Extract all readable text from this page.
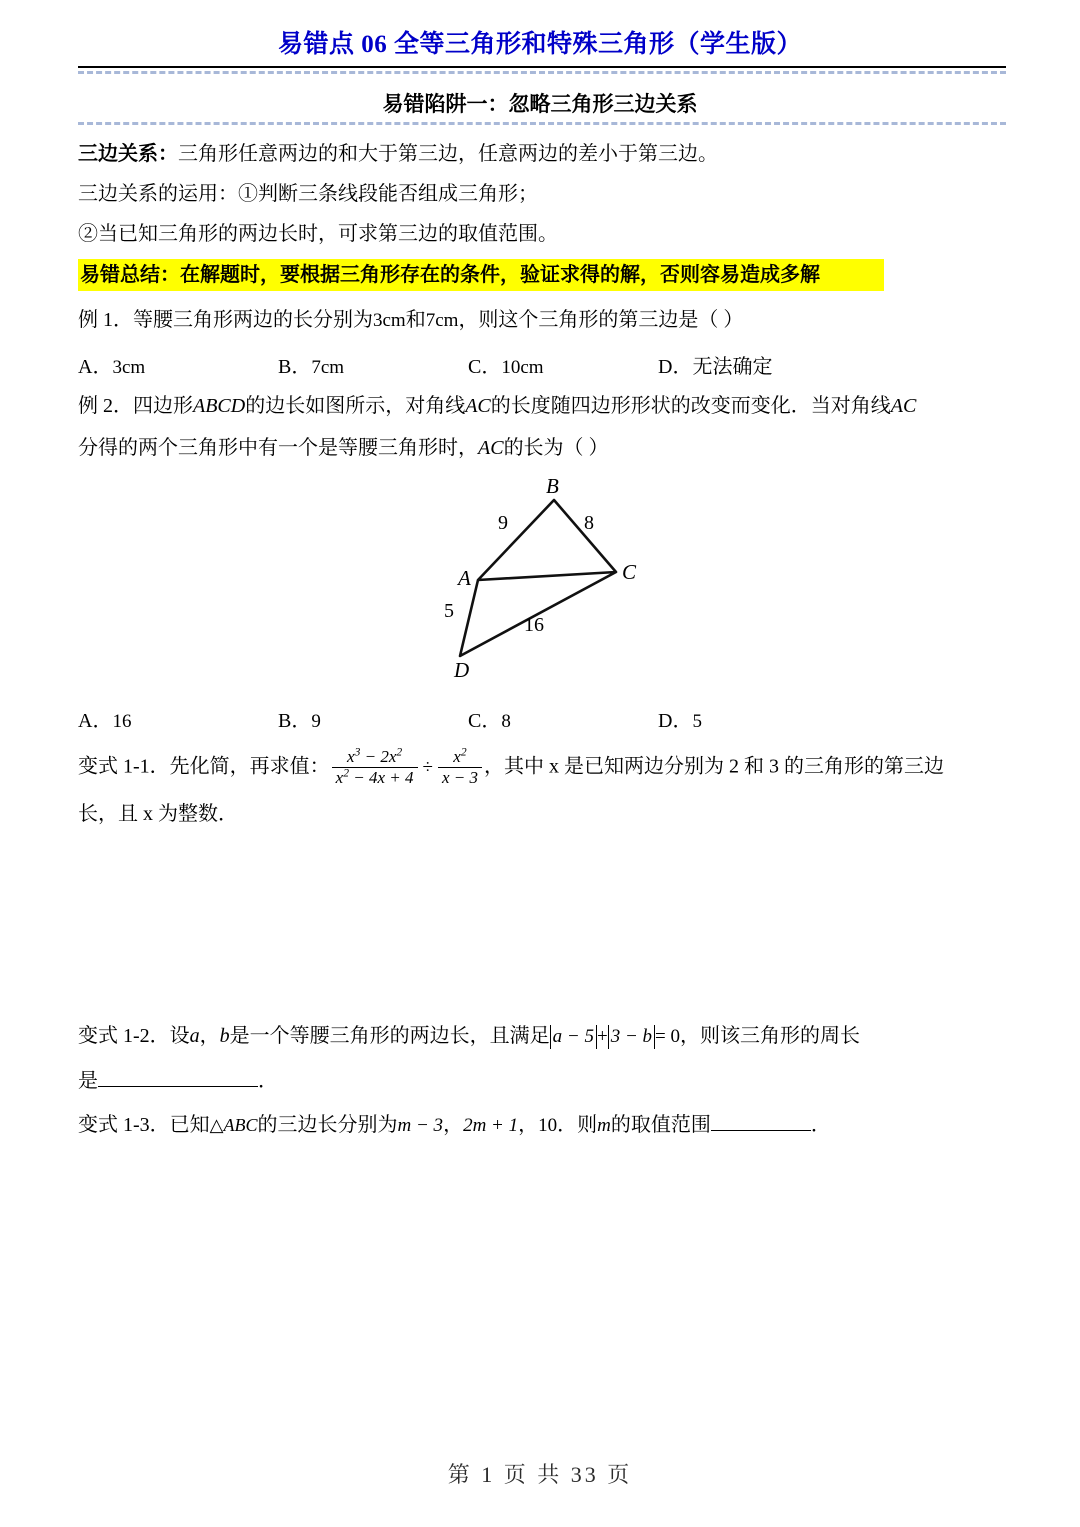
易错点 06 全等三角形和特殊三角形（学生版）
易错陷阱一：忽略三角形三边关系
三边关系：三角形任意两边的和大于第三边，任意两边的差小于第三边。
三边关系的运用：①判断三条线段能否组成三角形；
②当已知三角形的两边长时，可求第三边的取值范围。
易错总结：在解题时，要根据三角形存在的条件，验证求得的解，否则容易造成多解
例 1．等腰三角形两边的长分别为3cm和7cm，则这个三角形的第三边是（ ）
A．3cm	B．7cm	C．10cm	D．无法确定
例 2．四边形ABCD的边长如图所示，对角线AC的长度随四边形形状的改变而变化．当对角线AC
分得的两个三角形中有一个是等腰三角形时，AC的长为（ ）
B
C
A
D
9	8
5
16
A．16	B．9	C．8	D．5
变式 1-1．先化简，再求值： $\frac{x^3 - 2x^2}{x^2 - 4x + 4} \div \frac{x^2}{x - 3}$ ，其中 x 是已知两边分别为 2 和 3 的三角形的第三边
长，且 x 为整数．
变式 1-2．设a，b是一个等腰三角形的两边长，且满足 a − 5 + 3 − b = 0，则该三角形的周长
是	．
变式 1-3．已知△ABC的三边长分别为m − 3，2m + 1，10．则m的取值范围	．
第 1 页 共 33 页
